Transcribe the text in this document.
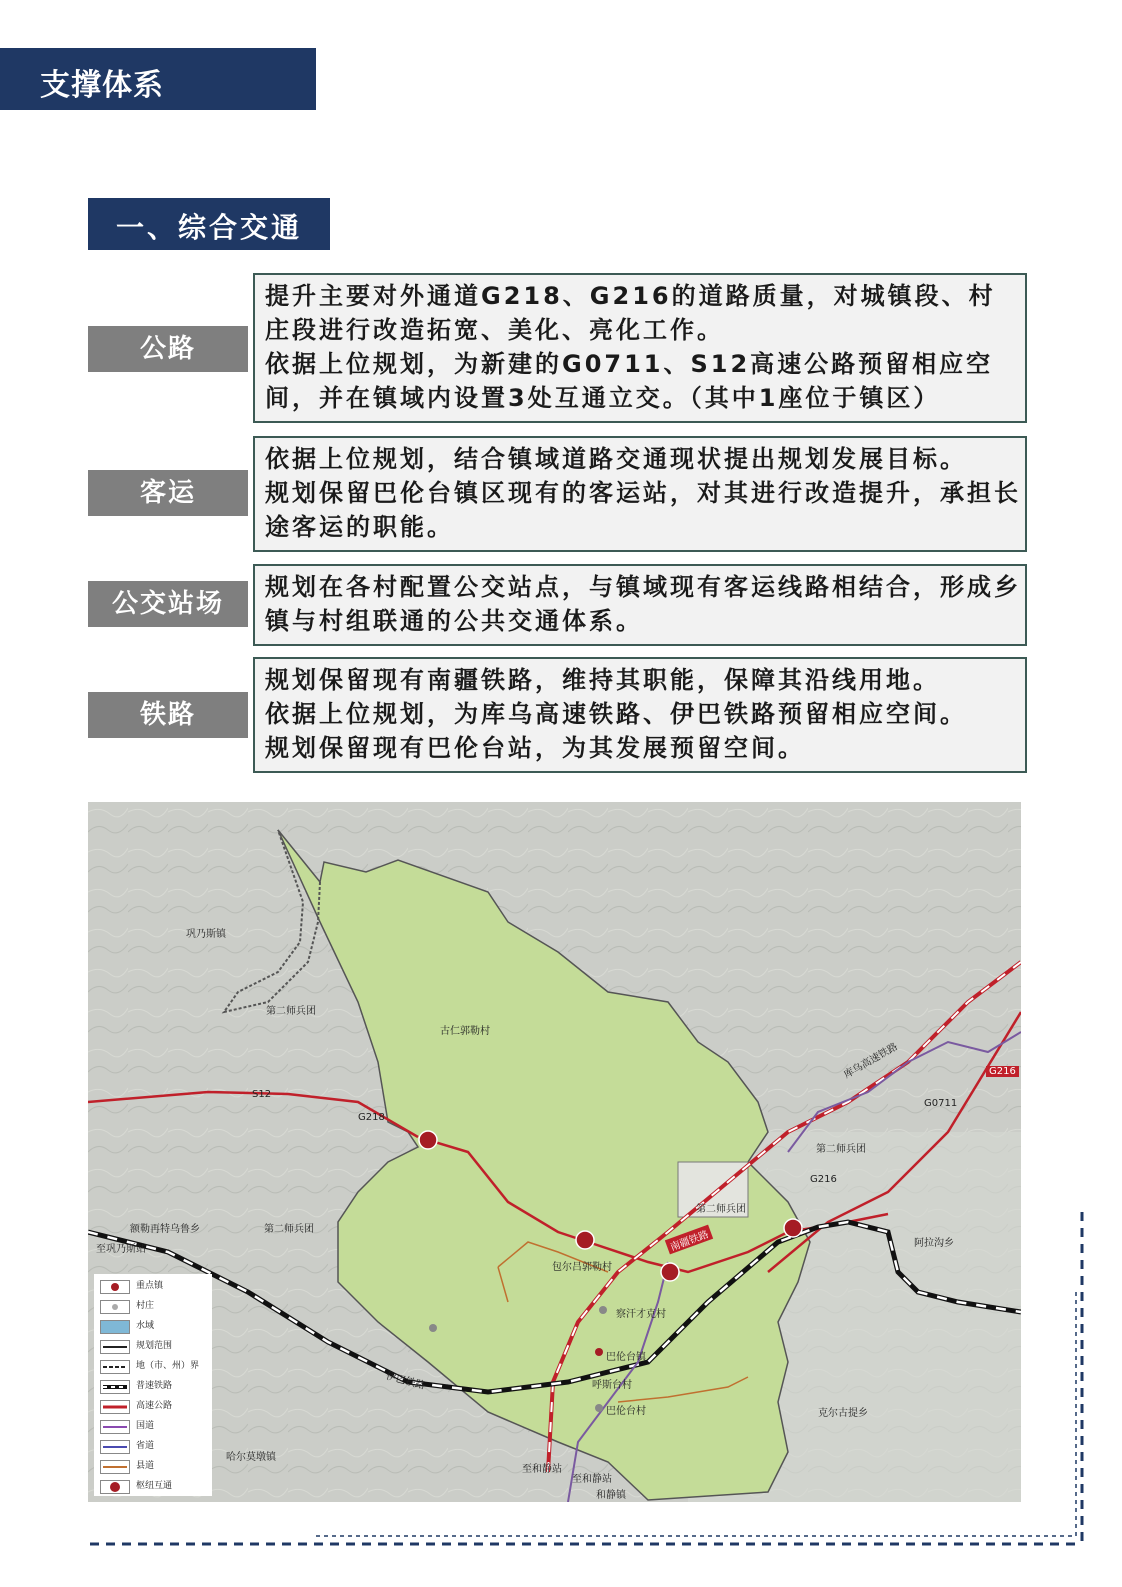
支撑体系
一、综合交通
公路

提升主要对外通道G218、G216的道路质量，对城镇段、村庄段进行改造拓宽、美化、亮化工作。

依据上位规划，为新建的G0711、S12高速公路预留相应空间，并在镇域内设置3处互通立交。（其中1座位于镇区）

客运

依据上位规划，结合镇域道路交通现状提出规划发展目标。

规划保留巴伦台镇区现有的客运站，对其进行改造提升，承担长途客运的职能。

公交站场

规划在各村配置公交站点，与镇域现有客运线路相结合，形成乡镇与村组联通的公共交通体系。

铁路

规划保留现有南疆铁路，维持其职能，保障其沿线用地。

依据上位规划，为库乌高速铁路、伊巴铁路预留相应空间。

规划保留现有巴伦台站，为其发展预留空间。

巩乃斯镇
第二师兵团
古仁郭勒村
第二师兵团
第二师兵团
第二师兵团
额勒再特乌鲁乡
包尔吕郭勒村
察汗才克村
巴伦台镇
呼斯台村
巴伦台村
阿拉沟乡
克尔古提乡
哈尔莫墩镇
和静镇
至巩乃斯站
至和静站
至和静站
S12
G218
G216
G216
G0711
库乌高速铁路
南疆铁路
伊巴铁路
重点镇
村庄
水域
规划范围
地（市、州）界
普速铁路
高速公路
国道
省道
县道
枢纽互通
